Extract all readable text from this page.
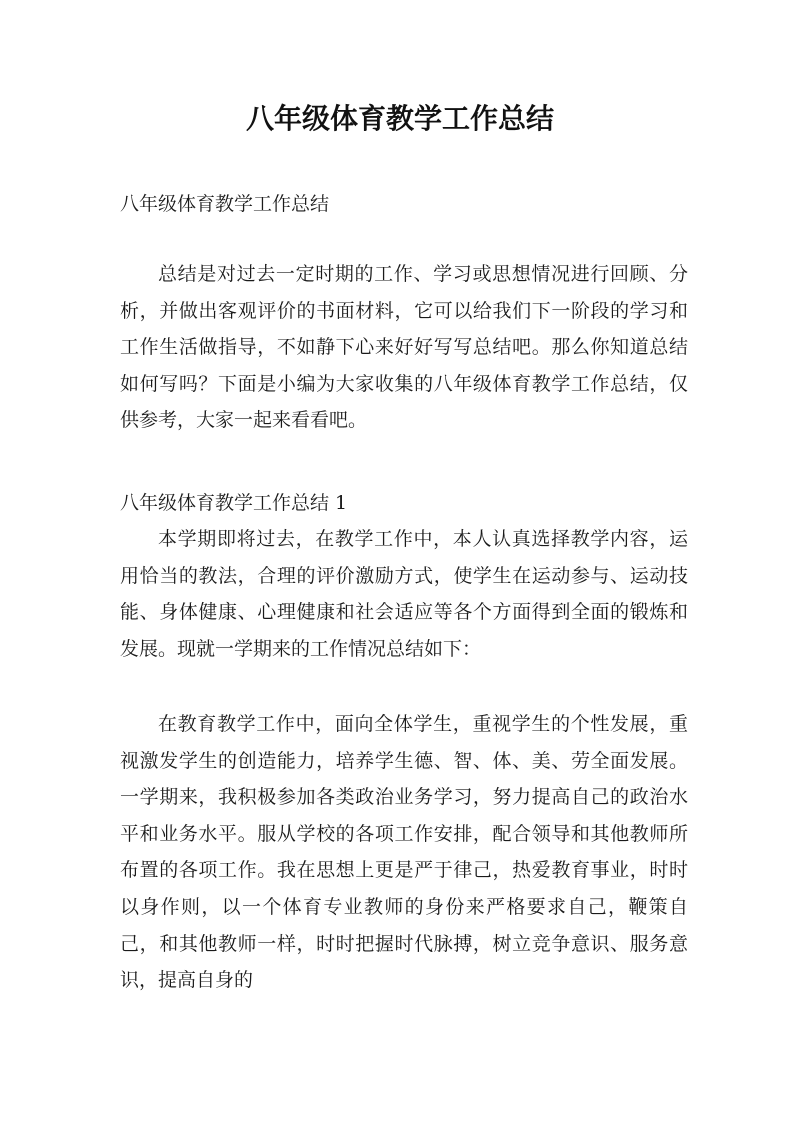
八年级体育教学工作总结

八年级体育教学工作总结

总结是对过去一定时期的工作、学习或思想情况进行回顾、分析，并做出客观评价的书面材料，它可以给我们下一阶段的学习和工作生活做指导，不如静下心来好好写写总结吧。那么你知道总结如何写吗？下面是小编为大家收集的八年级体育教学工作总结，仅供参考，大家一起来看看吧。

八年级体育教学工作总结 1

本学期即将过去，在教学工作中，本人认真选择教学内容，运用恰当的教法，合理的评价激励方式，使学生在运动参与、运动技能、身体健康、心理健康和社会适应等各个方面得到全面的锻炼和发展。现就一学期来的工作情况总结如下：

在教育教学工作中，面向全体学生，重视学生的个性发展，重视激发学生的创造能力，培养学生德、智、体、美、劳全面发展。一学期来，我积极参加各类政治业务学习，努力提高自己的政治水平和业务水平。服从学校的各项工作安排，配合领导和其他教师所布置的各项工作。我在思想上更是严于律己，热爱教育事业，时时以身作则，以一个体育专业教师的身份来严格要求自己，鞭策自己，和其他教师一样，时时把握时代脉搏，树立竞争意识、服务意识，提高自身的
